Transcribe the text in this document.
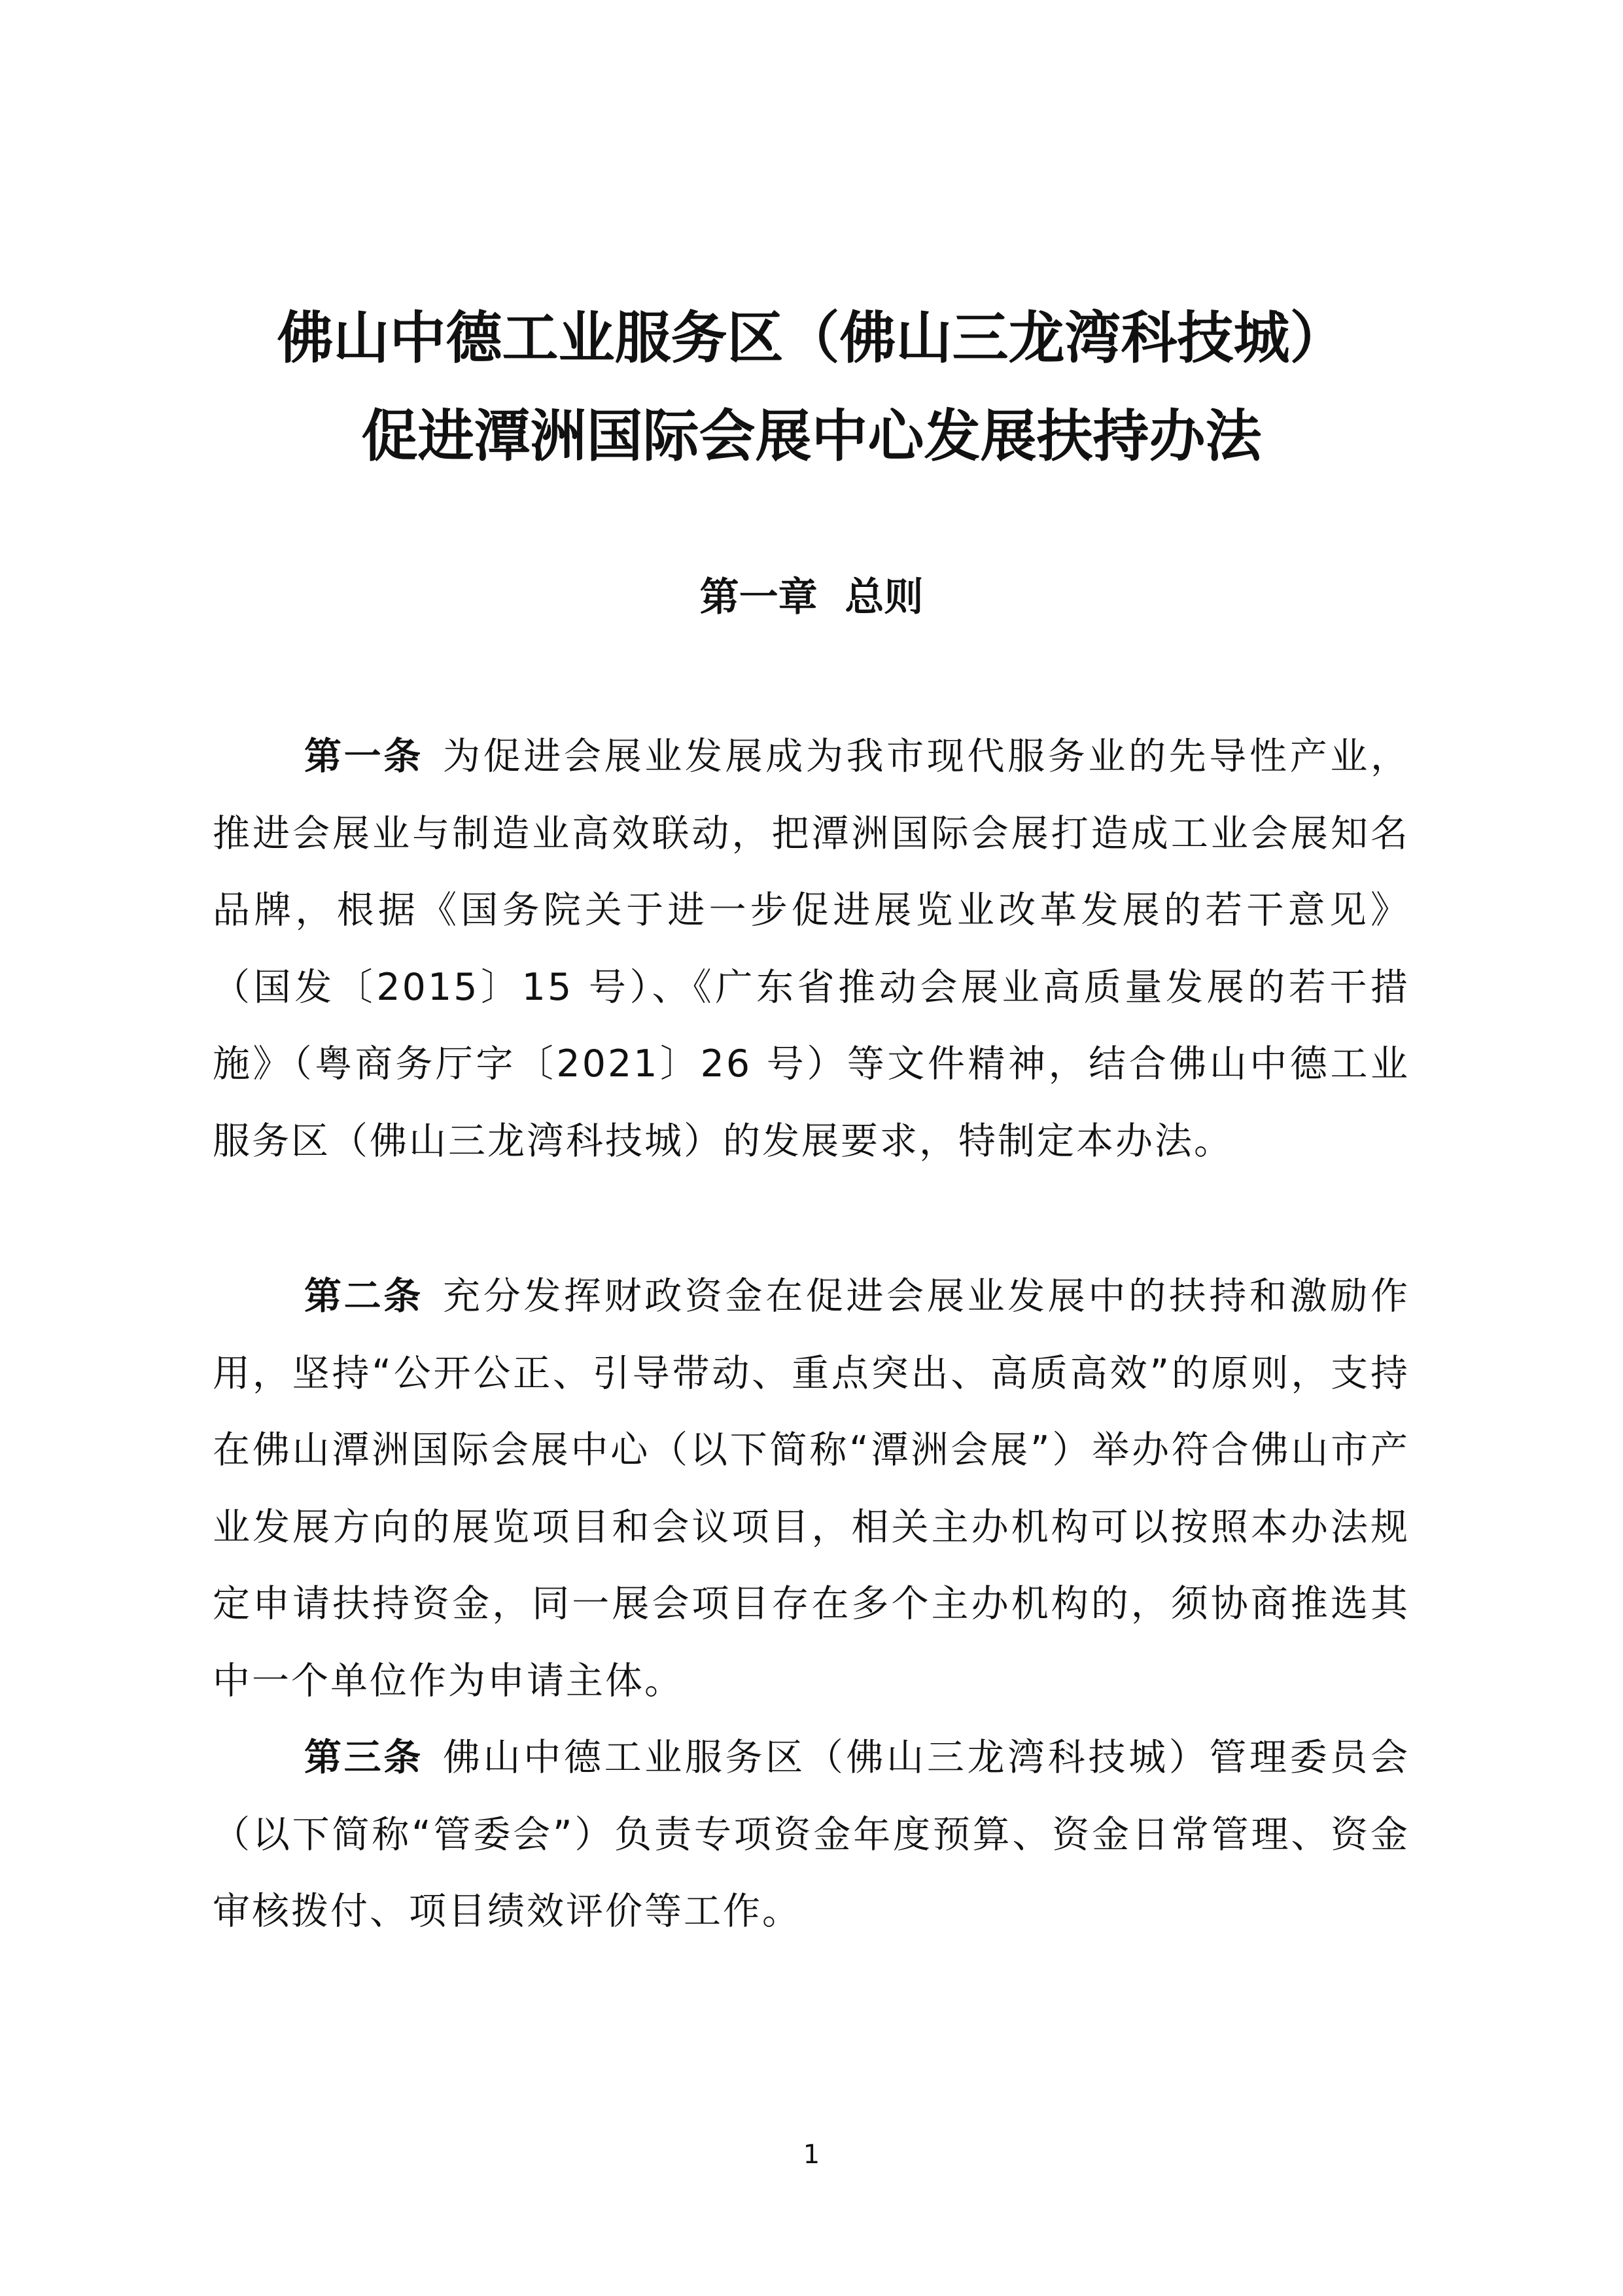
佛山中德工业服务区（佛山三龙湾科技城）
促进潭洲国际会展中心发展扶持办法
第一章  总则

第一条 为促进会展业发展成为我市现代服务业的先导性产业，推进会展业与制造业高效联动，把潭洲国际会展打造成工业会展知名品牌，根据《国务院关于进一步促进展览业改革发展的若干意见》（国发〔2015〕15 号）、《广东省推动会展业高质量发展的若干措施》（粤商务厅字〔2021〕26 号）等文件精神，结合佛山中德工业服务区（佛山三龙湾科技城）的发展要求，特制定本办法。

第二条 充分发挥财政资金在促进会展业发展中的扶持和激励作用，坚持“公开公正、引导带动、重点突出、高质高效”的原则，支持在佛山潭洲国际会展中心（以下简称“潭洲会展”）举办符合佛山市产业发展方向的展览项目和会议项目，相关主办机构可以按照本办法规定申请扶持资金，同一展会项目存在多个主办机构的，须协商推选其中一个单位作为申请主体。

第三条 佛山中德工业服务区（佛山三龙湾科技城）管理委员会（以下简称“管委会”）负责专项资金年度预算、资金日常管理、资金审核拨付、项目绩效评价等工作。

1
